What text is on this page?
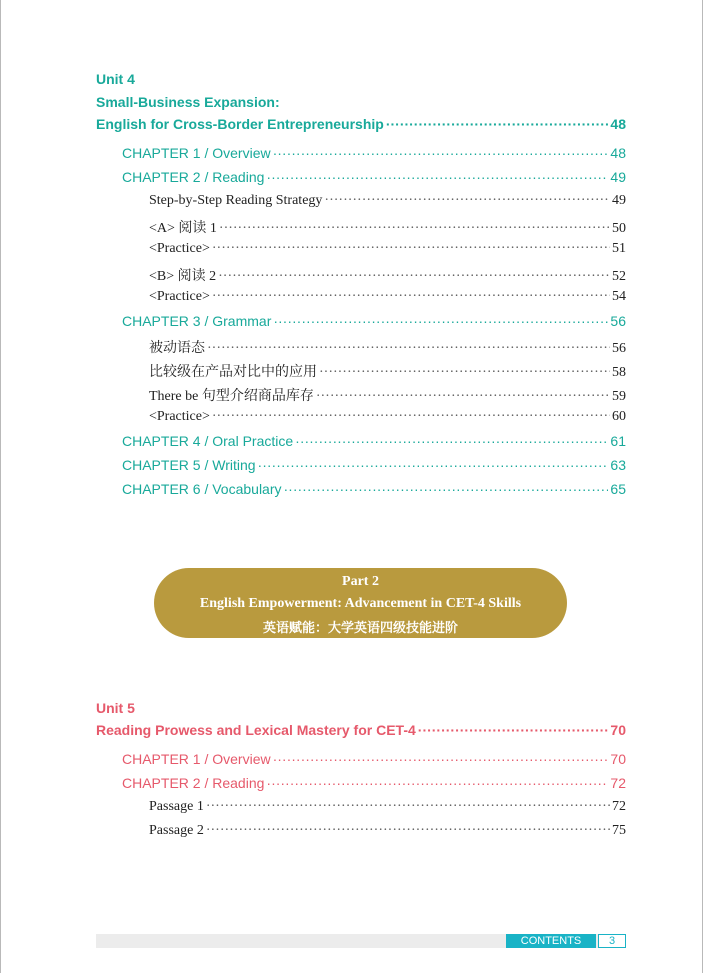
Unit 4
Small-Business Expansion:
English for Cross-Border Entrepreneurship ·····	48
CHAPTER 1 / Overview ·····	48
CHAPTER 2 / Reading ·····	49
Step-by-Step Reading Strategy ·····	49
<A> 阅读 1 ·····	50
<Practice> ·····	51
<B> 阅读 2 ·····	52
<Practice> ·····	54
CHAPTER 3 / Grammar ·····	56
被动语态 ·····	56
比较级在产品对比中的应用 ·····	58
There be 句型介绍商品库存 ·····	59
<Practice> ·····	60
CHAPTER 4 / Oral Practice ·····	61
CHAPTER 5 / Writing ·····	63
CHAPTER 6 / Vocabulary ·····	65
Part 2
English Empowerment: Advancement in CET-4 Skills
英语赋能：大学英语四级技能进阶
Unit 5
Reading Prowess and Lexical Mastery for CET-4 ·····	70
CHAPTER 1 / Overview ·····	70
CHAPTER 2 / Reading ·····	72
Passage 1 ·····	72
Passage 2 ·····	75
CONTENTS	3
